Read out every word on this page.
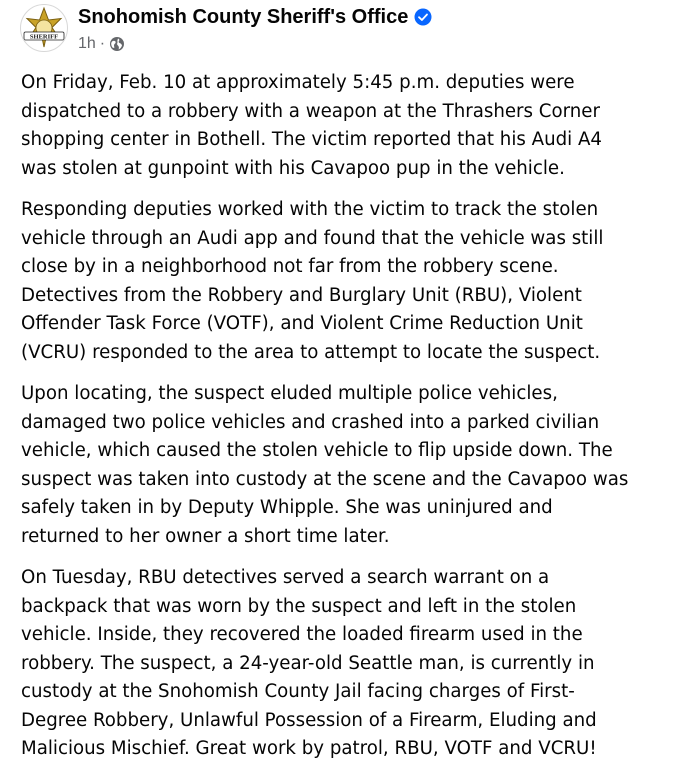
SHERIFF
Snohomish County Sheriff's Office
1h ·

On Friday, Feb. 10 at approximately 5:45 p.m. deputies were
dispatched to a robbery with a weapon at the Thrashers Corner
shopping center in Bothell. The victim reported that his Audi A4
was stolen at gunpoint with his Cavapoo pup in the vehicle.

Responding deputies worked with the victim to track the stolen
vehicle through an Audi app and found that the vehicle was still
close by in a neighborhood not far from the robbery scene.
Detectives from the Robbery and Burglary Unit (RBU), Violent
Offender Task Force (VOTF), and Violent Crime Reduction Unit
(VCRU) responded to the area to attempt to locate the suspect.

Upon locating, the suspect eluded multiple police vehicles,
damaged two police vehicles and crashed into a parked civilian
vehicle, which caused the stolen vehicle to flip upside down. The
suspect was taken into custody at the scene and the Cavapoo was
safely taken in by Deputy Whipple. She was uninjured and
returned to her owner a short time later.

On Tuesday, RBU detectives served a search warrant on a
backpack that was worn by the suspect and left in the stolen
vehicle. Inside, they recovered the loaded firearm used in the
robbery. The suspect, a 24-year-old Seattle man, is currently in
custody at the Snohomish County Jail facing charges of First-
Degree Robbery, Unlawful Possession of a Firearm, Eluding and
Malicious Mischief. Great work by patrol, RBU, VOTF and VCRU!
